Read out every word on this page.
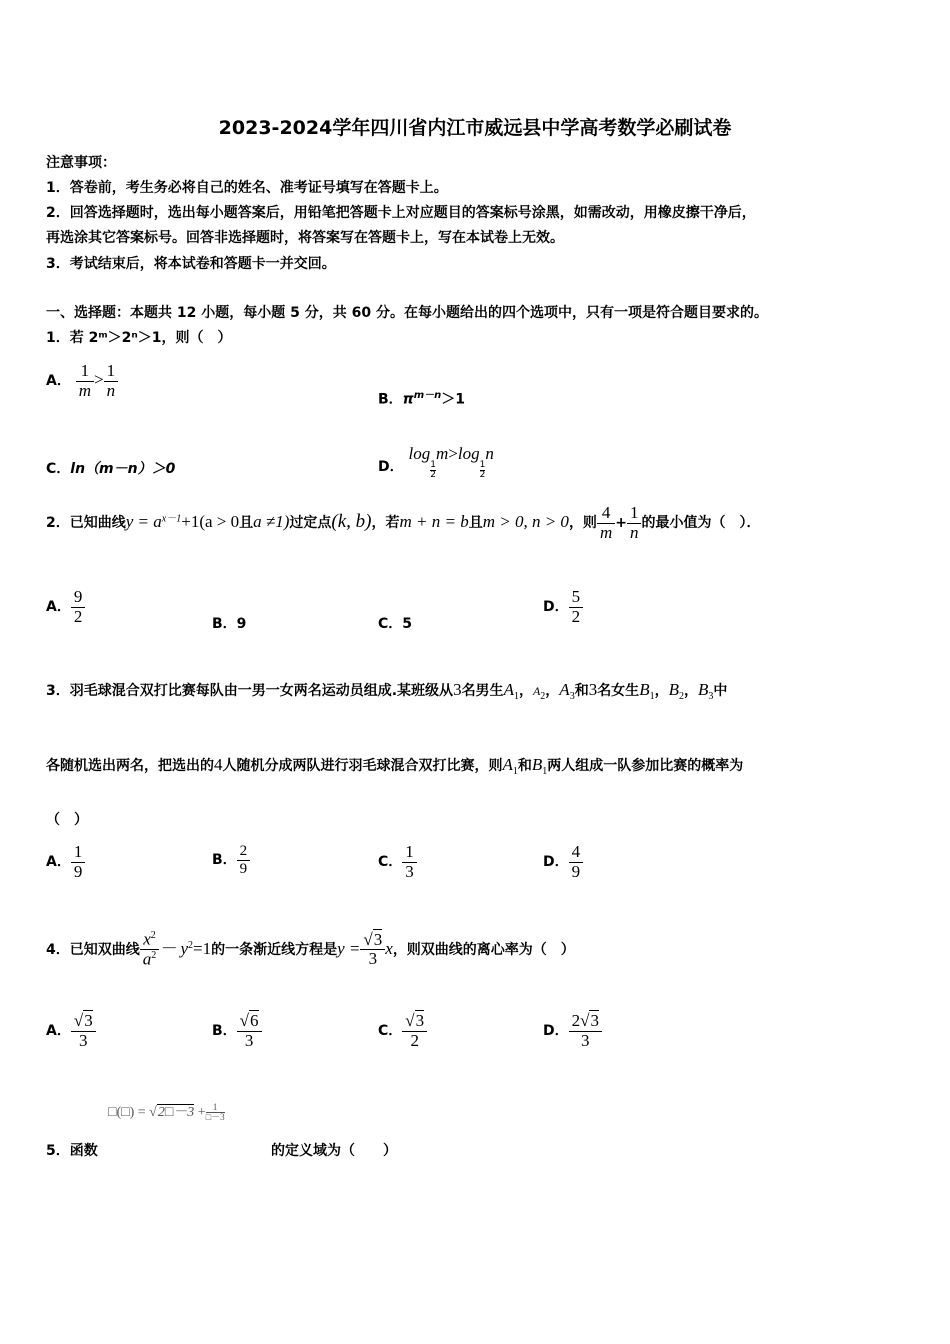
2023-2024学年四川省内江市威远县中学高考数学必刷试卷
注意事项：
1．答卷前，考生务必将自己的姓名、准考证号填写在答题卡上。
2．回答选择题时，选出每小题答案后，用铅笔把答题卡上对应题目的答案标号涂黑，如需改动，用橡皮擦干净后，
再选涂其它答案标号。回答非选择题时，将答案写在答题卡上，写在本试卷上无效。
3．考试结束后，将本试卷和答题卡一并交回。
一、选择题：本题共 12 小题，每小题 5 分，共 60 分。在每小题给出的四个选项中，只有一项是符合题目要求的。
1．若 2ᵐ＞2ⁿ＞1，则（　）
A． $\frac{1}{m} > \frac{1}{n}$	B．$\pi^{m-n}>1$
C．ln（m－n）＞0	D． log
$\frac{1}{2}$
m>log
$\frac{1}{2}$
n
2．已知曲线$y = a^{x-1}+1(a > 0$且a ≠1)过定点(k, b)，若m + n = b且m > 0, n > 0，则 $\frac{4}{m} + \frac{1}{n}$ 的最小值为（　）．
A． $\frac{9}{2}$	B．9	C．5
D． $\frac{5}{2}$
3．羽毛球混合双打比赛每队由一男一女两名运动员组成.某班级从3名男生$A_1$，$A_2$，$A_3$和3名女生$B_1$，$B_2$，$B_3$中
各随机选出两名，把选出的4人随机分成两队进行羽毛球混合双打比赛，则$A_1$和$B_1$两人组成一队参加比赛的概率为
（　）
A． $\frac{1}{9}$	B． $\frac{2}{9}$	C． $\frac{1}{3}$	D． $\frac{4}{9}$
4．已知双曲线 $\frac{x^2}{a^2} - y^2=1$的一条渐近线方程是$y = \frac{√3}{3}$ x，则双曲线的离心率为（　）
A． $\frac{√3}{3}$	B． $\frac{√6}{3}$	C． $\frac{√3}{2}$	D． $\frac{2√3}{3}$
□(□) = √2□－3 + $\frac{1}{□-3}$
5．函数	的定义域为（　　）
